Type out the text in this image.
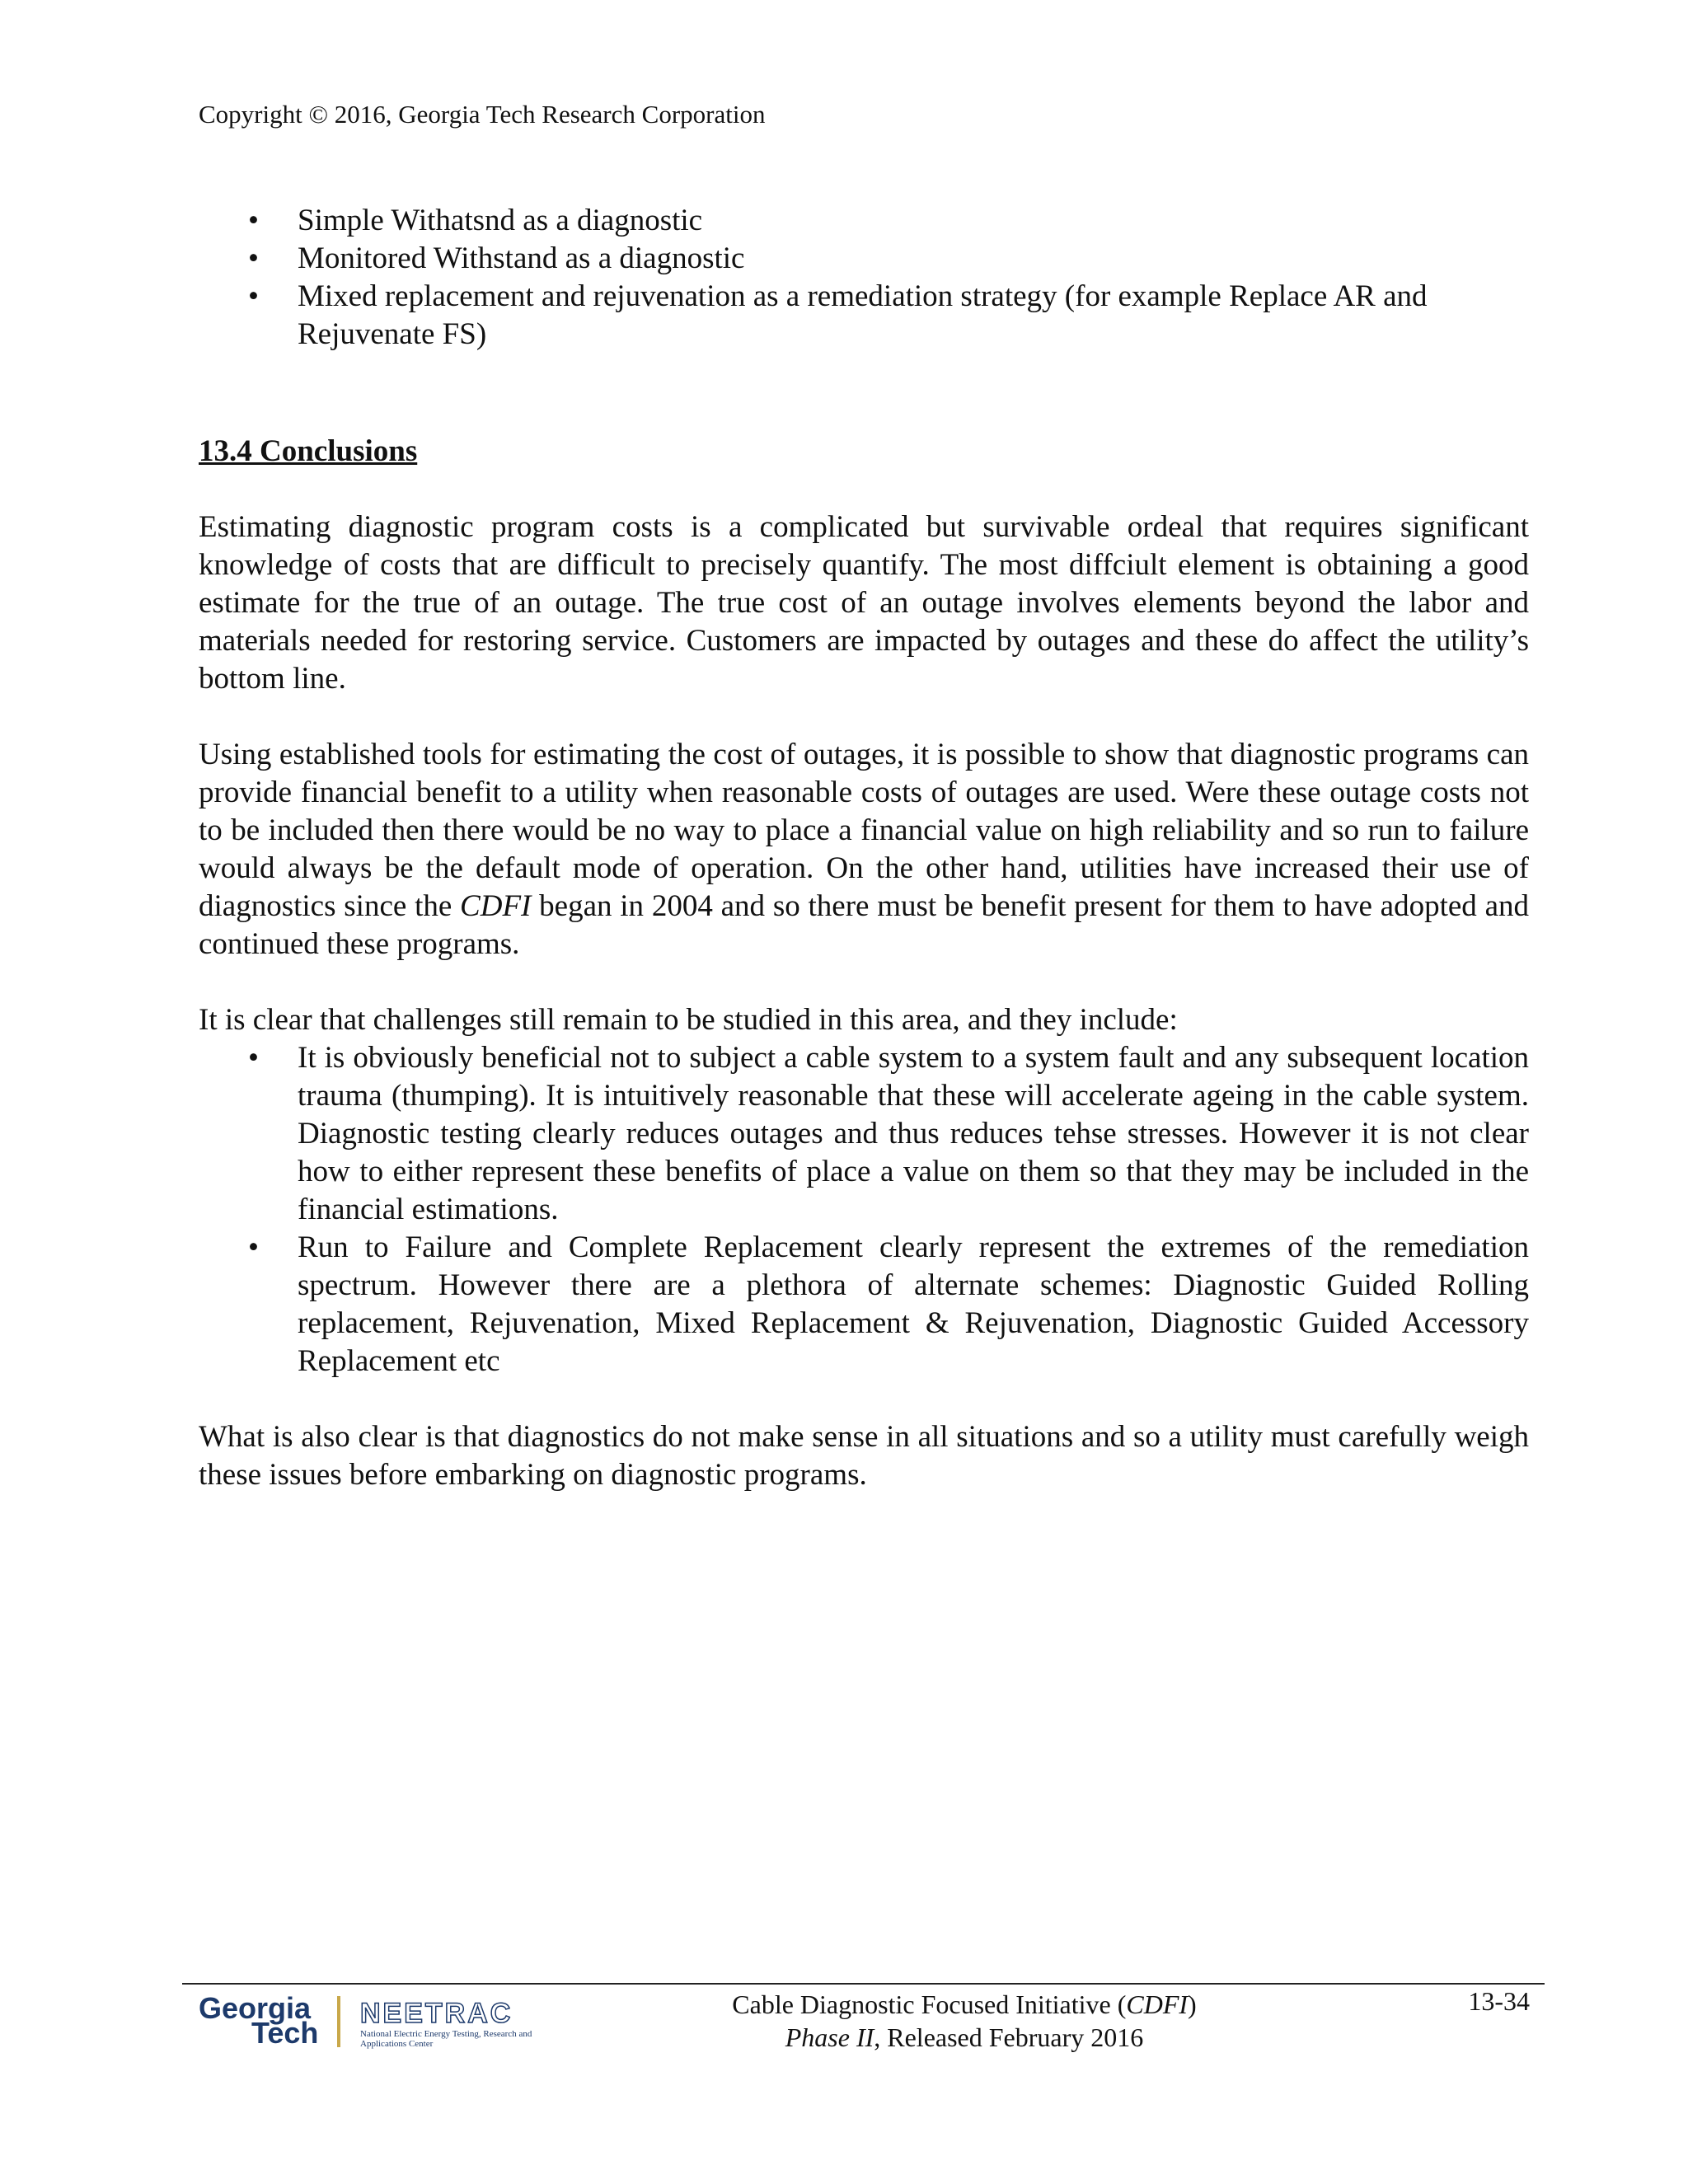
Copyright © 2016, Georgia Tech Research Corporation
• Simple Withatsnd as a diagnostic
• Monitored Withstand as a diagnostic
• Mixed replacement and rejuvenation as a remediation strategy (for example Replace AR and Rejuvenate FS)
13.4 Conclusions

Estimating diagnostic program costs is a complicated but survivable ordeal that requires significant knowledge of costs that are difficult to precisely quantify. The most diffciult element is obtaining a good estimate for the true of an outage. The true cost of an outage involves elements beyond the labor and materials needed for restoring service. Customers are impacted by outages and these do affect the utility’s bottom line.

Using established tools for estimating the cost of outages, it is possible to show that diagnostic programs can provide financial benefit to a utility when reasonable costs of outages are used. Were these outage costs not to be included then there would be no way to place a financial value on high reliability and so run to failure would always be the default mode of operation. On the other hand, utilities have increased their use of diagnostics since the CDFI began in 2004 and so there must be benefit present for them to have adopted and continued these programs.

It is clear that challenges still remain to be studied in this area, and they include:

• It is obviously beneficial not to subject a cable system to a system fault and any subsequent location trauma (thumping). It is intuitively reasonable that these will accelerate ageing in the cable system. Diagnostic testing clearly reduces outages and thus reduces tehse stresses. However it is not clear how to either represent these benefits of place a value on them so that they may be included in the financial estimations.
• Run to Failure and Complete Replacement clearly represent the extremes of the remediation spectrum. However there are a plethora of alternate schemes: Diagnostic Guided Rolling replacement, Rejuvenation, Mixed Replacement & Rejuvenation, Diagnostic Guided Accessory Replacement etc

What is also clear is that diagnostics do not make sense in all situations and so a utility must carefully weigh these issues before embarking on diagnostic programs.

Georgia
Tech
NEETRAC
National Electric Energy Testing, Research and Applications Center
Cable Diagnostic Focused Initiative (CDFI)
Phase II, Released February 2016
13-34
